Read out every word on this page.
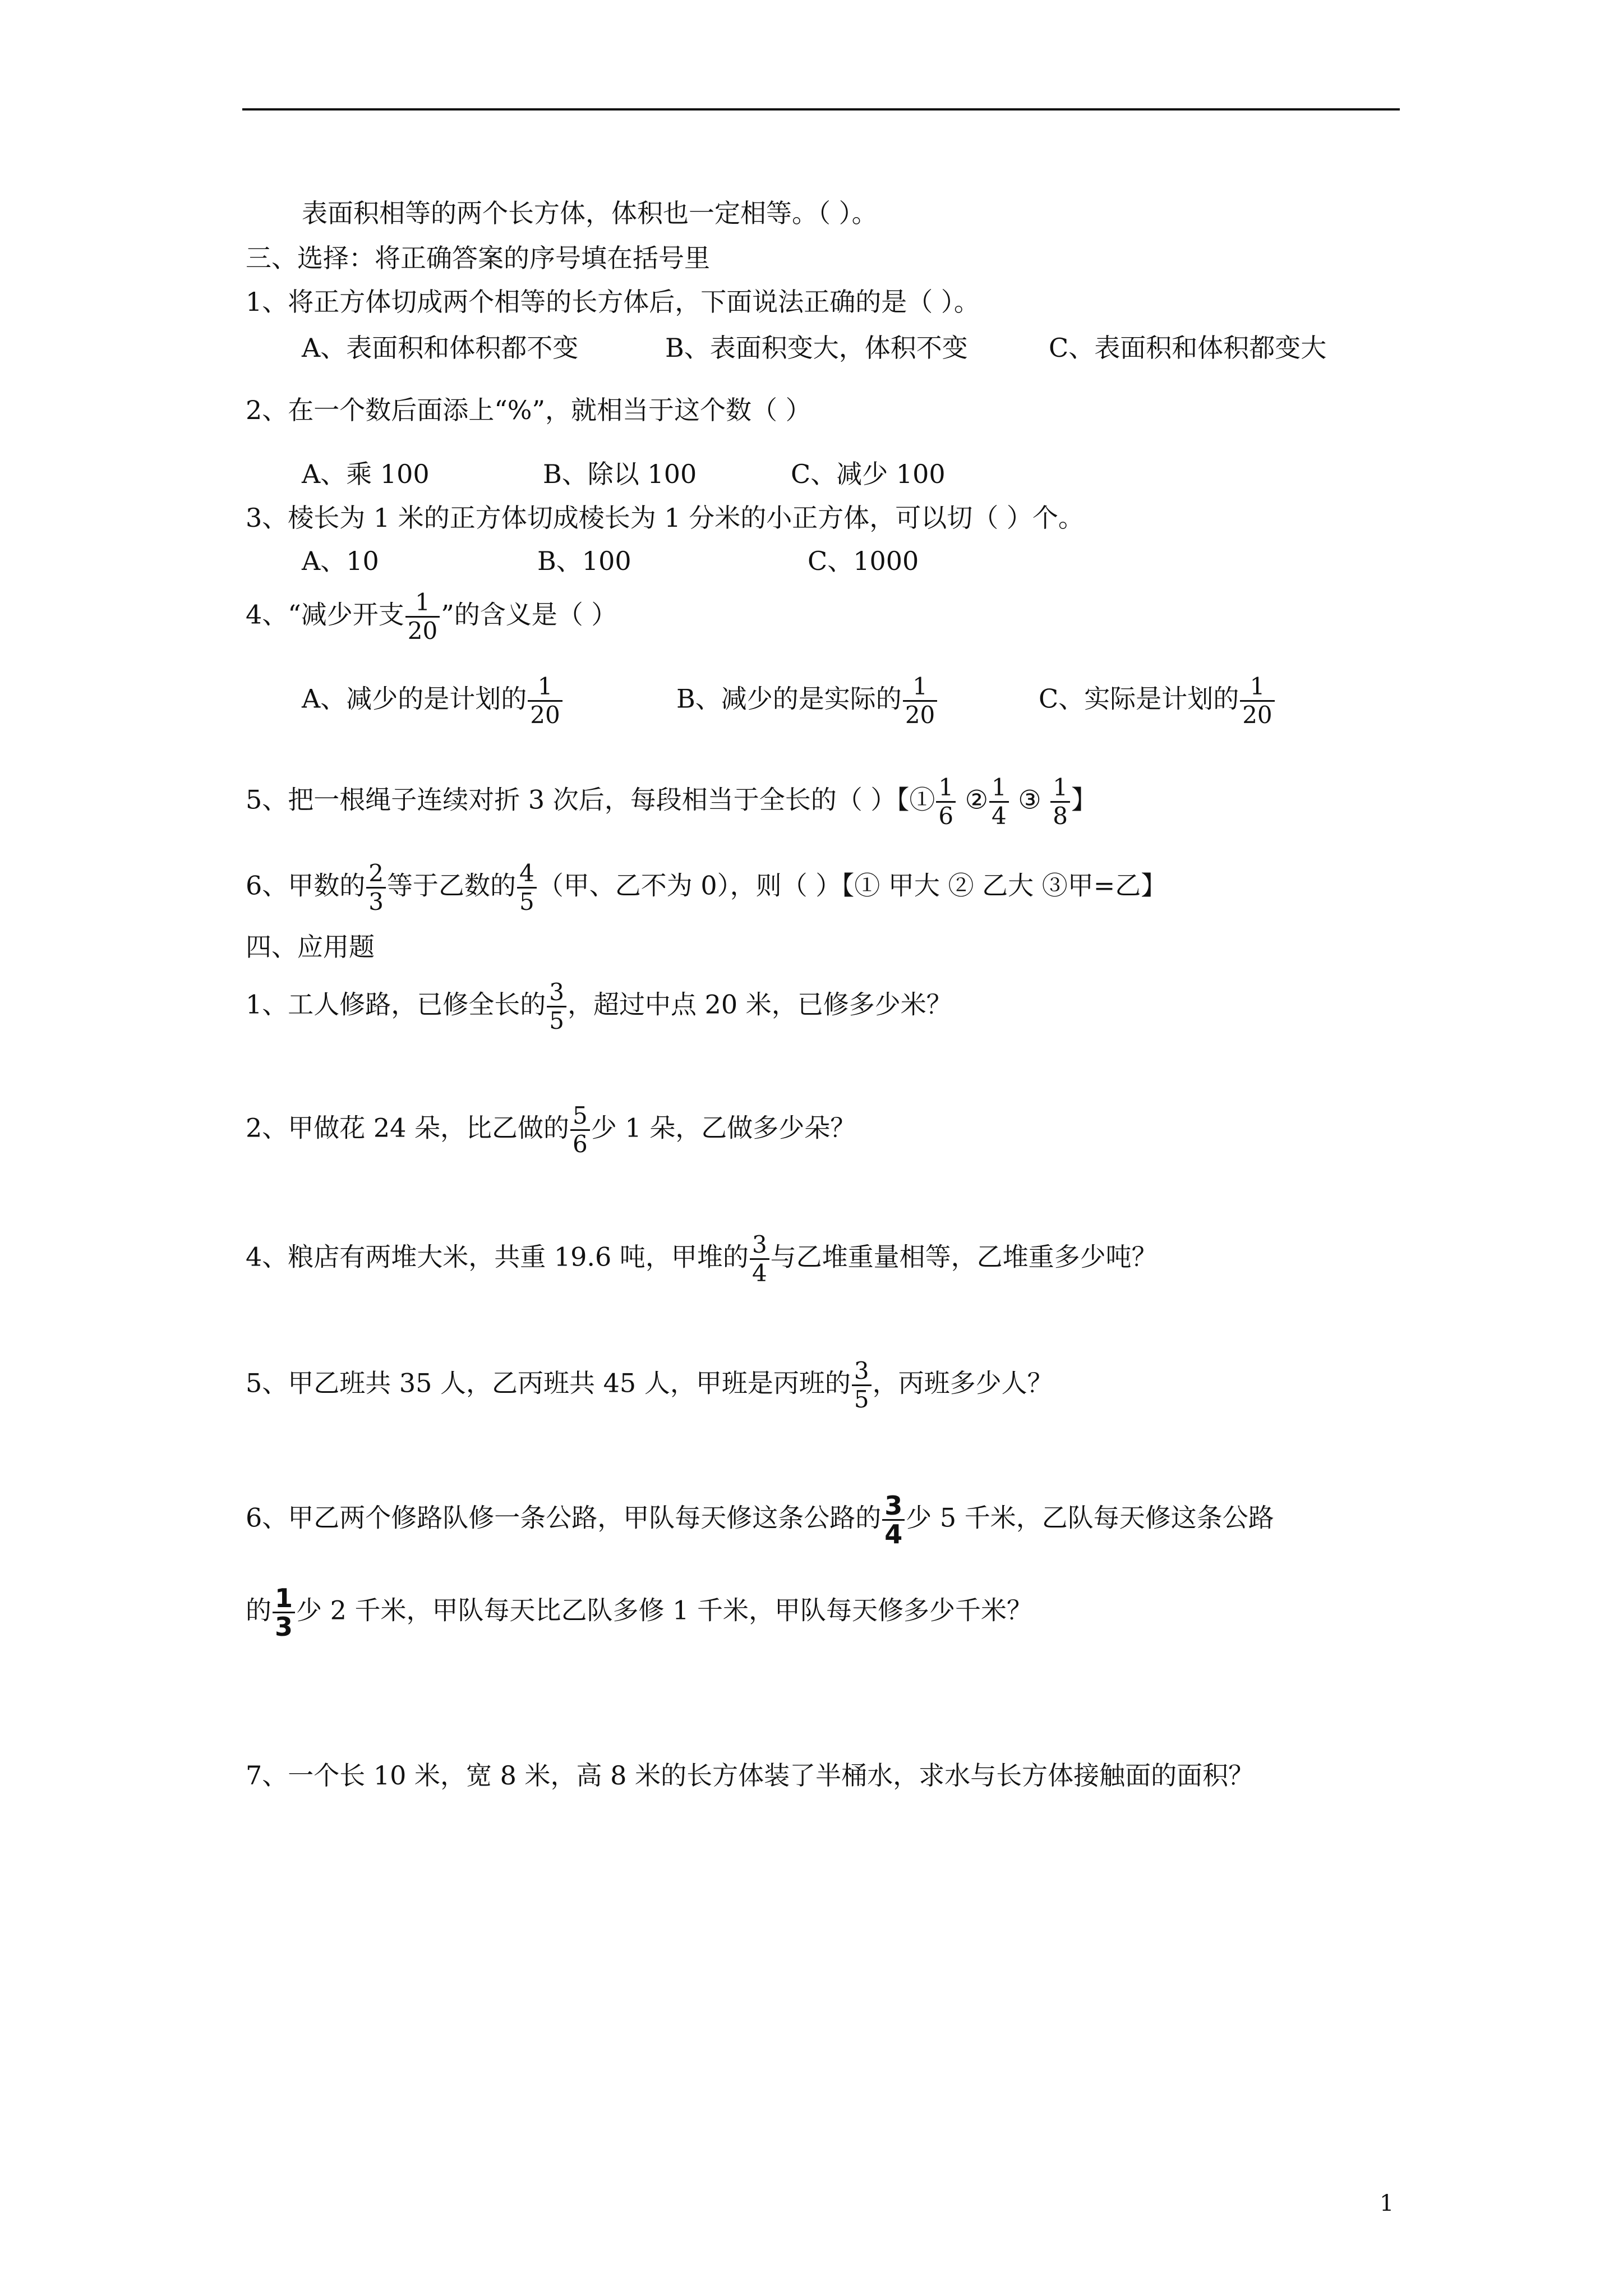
表面积相等的两个长方体，体积也一定相等。（ ）。
三、选择：将正确答案的序号填在括号里
1、将正方体切成两个相等的长方体后，下面说法正确的是（ ）。
A、表面积和体积都不变	B、表面积变大，体积不变	C、表面积和体积都变大
2、在一个数后面添上“%”，就相当于这个数（ ）
A、乘 100	B、除以 100	C、减少 100
3、棱长为 1 米的正方体切成棱长为 1 分米的小正方体，可以切（ ）个。
A、10	B、100	C、1000
4、“减少开支 $\frac{1}{20}$ ”的含义是（ ）
A、减少的是计划的 $\frac{1}{20}$	B、减少的是实际的 $\frac{1}{20}$	C、实际是计划的 $\frac{1}{20}$
5、把一根绳子连续对折 3 次后，每段相当于全长的（ ）【① $\frac{1}{6}$ ② $\frac{1}{4}$ ③ $\frac{1}{8}$ 】
6、甲数的 $\frac{2}{3}$ 等于乙数的 $\frac{4}{5}$ （甲、乙不为 0），则（ ）【① 甲大 ② 乙大 ③甲=乙】
四、应用题
1、工人修路，已修全长的 $\frac{3}{5}$ ，超过中点 20 米，已修多少米？
2、甲做花 24 朵，比乙做的 $\frac{5}{6}$ 少 1 朵，乙做多少朵？
4、粮店有两堆大米，共重 19.6 吨，甲堆的 $\frac{3}{4}$ 与乙堆重量相等，乙堆重多少吨？
5、甲乙班共 35 人，乙丙班共 45 人，甲班是丙班的 $\frac{3}{5}$ ，丙班多少人？
6、甲乙两个修路队修一条公路，甲队每天修这条公路的 $\frac{3}{4}$ 少 5 千米，乙队每天修这条公路
的 $\frac{1}{3}$ 少 2 千米，甲队每天比乙队多修 1 千米，甲队每天修多少千米？
7、一个长 10 米，宽 8 米，高 8 米的长方体装了半桶水，求水与长方体接触面的面积？
1
